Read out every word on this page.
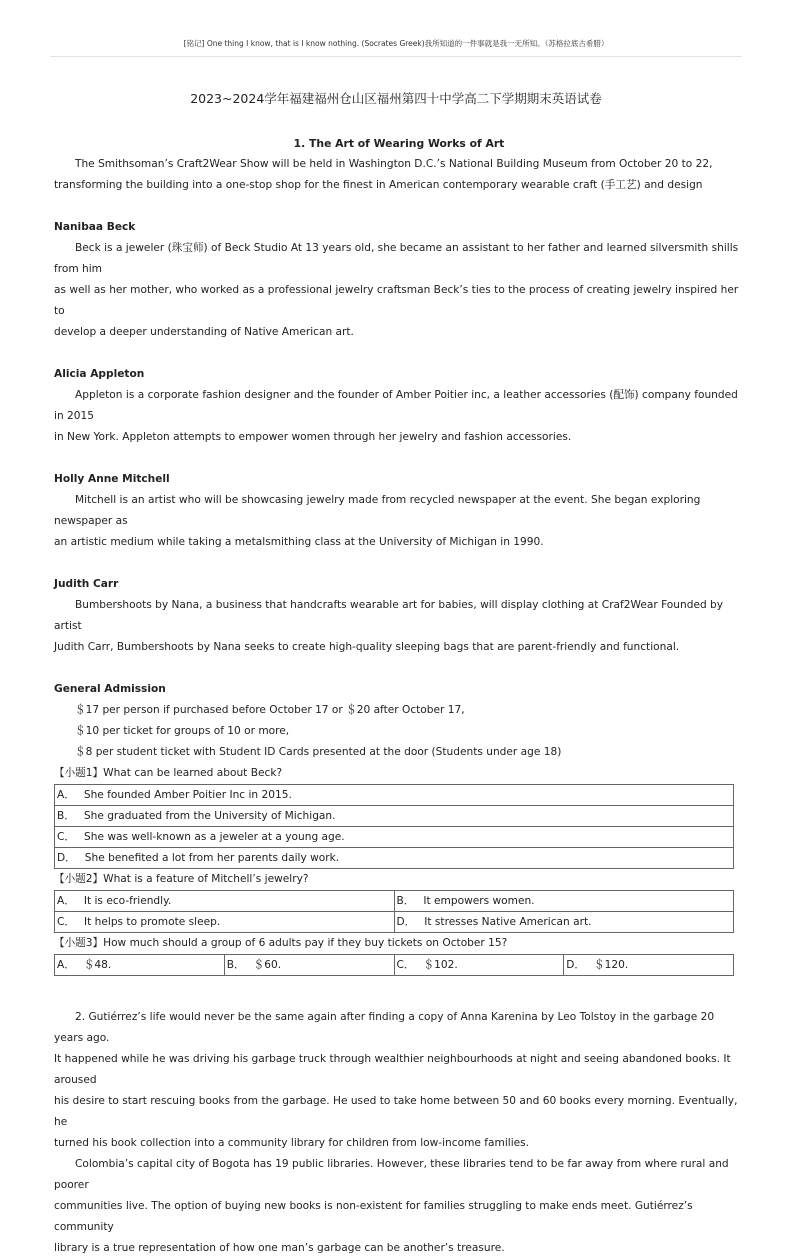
[铭记] One thing I know, that is I know nothing. (Socrates Greek)我所知道的一件事就是我一无所知。（苏格拉底古希腊）
2023~2024学年福建福州仓山区福州第四十中学高二下学期期末英语试卷
1. The Art of Wearing Works of Art

The Smithsoman’s Craft2Wear Show will be held in Washington D.C.’s National Building Museum from October 20 to 22,

transforming the building into a one-stop shop for the finest in American contemporary wearable craft (手工艺) and design

Nanibaa Beck

Beck is a jeweler (珠宝师) of Beck Studio At 13 years old, she became an assistant to her father and learned silversmith shills from him

as well as her mother, who worked as a professional jewelry craftsman Beck’s ties to the process of creating jewelry inspired her to

develop a deeper understanding of Native American art.

Alicia Appleton

Appleton is a corporate fashion designer and the founder of Amber Poitier inc, a leather accessories (配饰) company founded in 2015

in New York. Appleton attempts to empower women through her jewelry and fashion accessories.

Holly Anne Mitchell

Mitchell is an artist who will be showcasing jewelry made from recycled newspaper at the event. She began exploring newspaper as

an artistic medium while taking a metalsmithing class at the University of Michigan in 1990.

Judith Carr

Bumbershoots by Nana, a business that handcrafts wearable art for babies, will display clothing at Craf2Wear Founded by artist

Judith Carr, Bumbershoots by Nana seeks to create high-quality sleeping bags that are parent-friendly and functional.

General Admission

＄17 per person if purchased before October 17 or ＄20 after October 17,

＄10 per ticket for groups of 10 or more,

＄8 per student ticket with Student ID Cards presented at the door (Students under age 18)

【小题1】What can be learned about Beck?

A． She founded Amber Poitier Inc in 2015.
B． She graduated from the University of Michigan.
C． She was well-known as a jeweler at a young age.
D． She benefited a lot from her parents daily work.

【小题2】What is a feature of Mitchell’s jewelry?

A． It is eco-friendly.	B． It empowers women.
C． It helps to promote sleep.	D． It stresses Native American art.

【小题3】How much should a group of 6 adults pay if they buy tickets on October 15?

A． ＄48.	B． ＄60.	C． ＄102.	D． ＄120.

2. Gutiérrez’s life would never be the same again after finding a copy of Anna Karenina by Leo Tolstoy in the garbage 20 years ago.

It happened while he was driving his garbage truck through wealthier neighbourhoods at night and seeing abandoned books. It aroused

his desire to start rescuing books from the garbage. He used to take home between 50 and 60 books every morning. Eventually, he

turned his book collection into a community library for children from low-income families.

Colombia’s capital city of Bogota has 19 public libraries. However, these libraries tend to be far away from where rural and poorer

communities live. The option of buying new books is non-existent for families struggling to make ends meet. Gutiérrez’s community

library is a true representation of how one man’s garbage can be another’s treasure.
